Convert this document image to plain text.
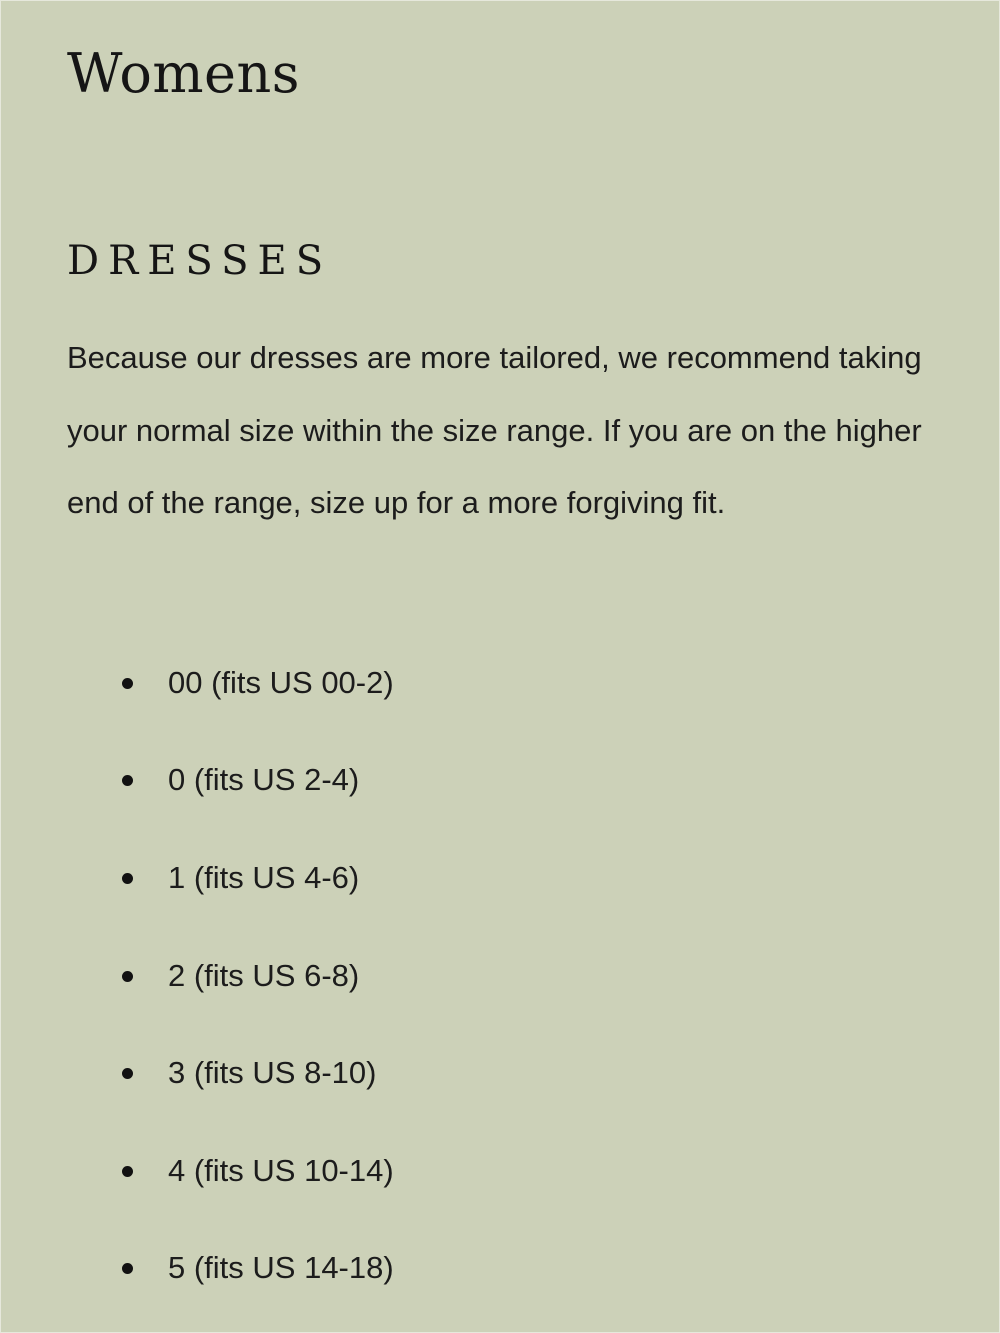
Womens
DRESSES

Because our dresses are more tailored, we recommend taking your normal size within the size range. If you are on the higher end of the range, size up for a more forgiving fit.

00 (fits US 00-2)
0 (fits US 2-4)
1 (fits US 4-6)
2 (fits US 6-8)
3 (fits US 8-10)
4 (fits US 10-14)
5 (fits US 14-18)
